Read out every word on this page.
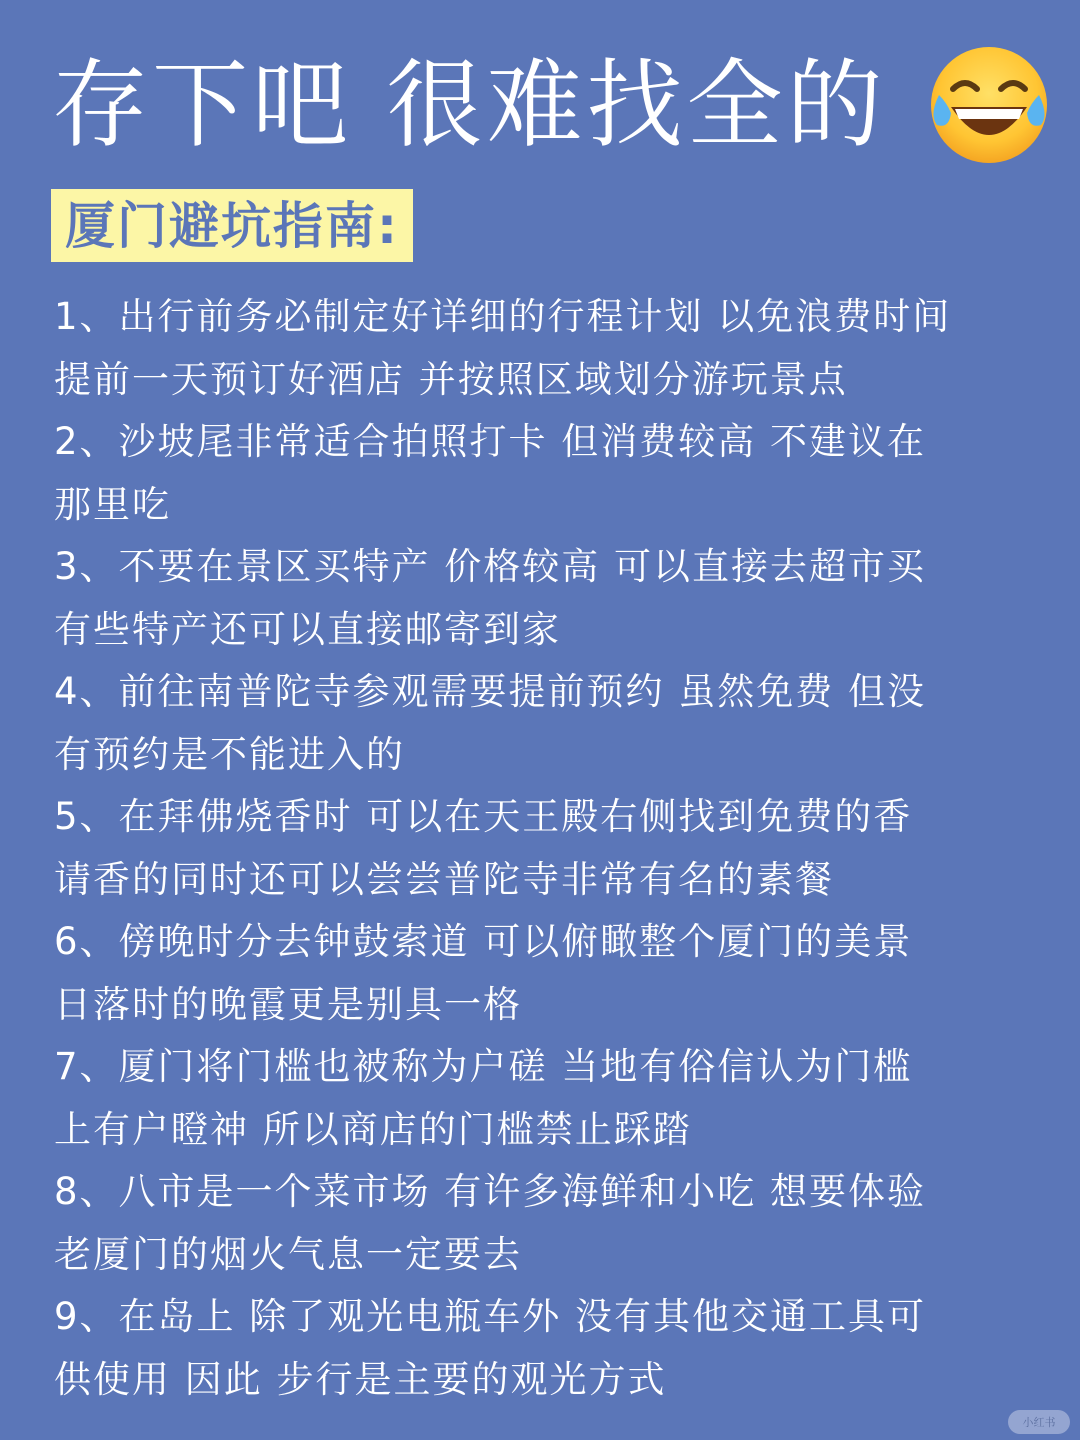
存下吧 很难找全的
厦门避坑指南:
1、出行前务必制定好详细的行程计划 以免浪费时间
提前一天预订好酒店 并按照区域划分游玩景点
2、沙坡尾非常适合拍照打卡 但消费较高 不建议在
那里吃
3、不要在景区买特产 价格较高 可以直接去超市买
有些特产还可以直接邮寄到家
4、前往南普陀寺参观需要提前预约 虽然免费 但没
有预约是不能进入的
5、在拜佛烧香时 可以在天王殿右侧找到免费的香
请香的同时还可以尝尝普陀寺非常有名的素餐
6、傍晚时分去钟鼓索道 可以俯瞰整个厦门的美景
日落时的晚霞更是别具一格
7、厦门将门槛也被称为户磋 当地有俗信认为门槛
上有户瞪神 所以商店的门槛禁止踩踏
8、八市是一个菜市场 有许多海鲜和小吃 想要体验
老厦门的烟火气息一定要去
9、在岛上 除了观光电瓶车外 没有其他交通工具可
供使用 因此 步行是主要的观光方式
小红书
